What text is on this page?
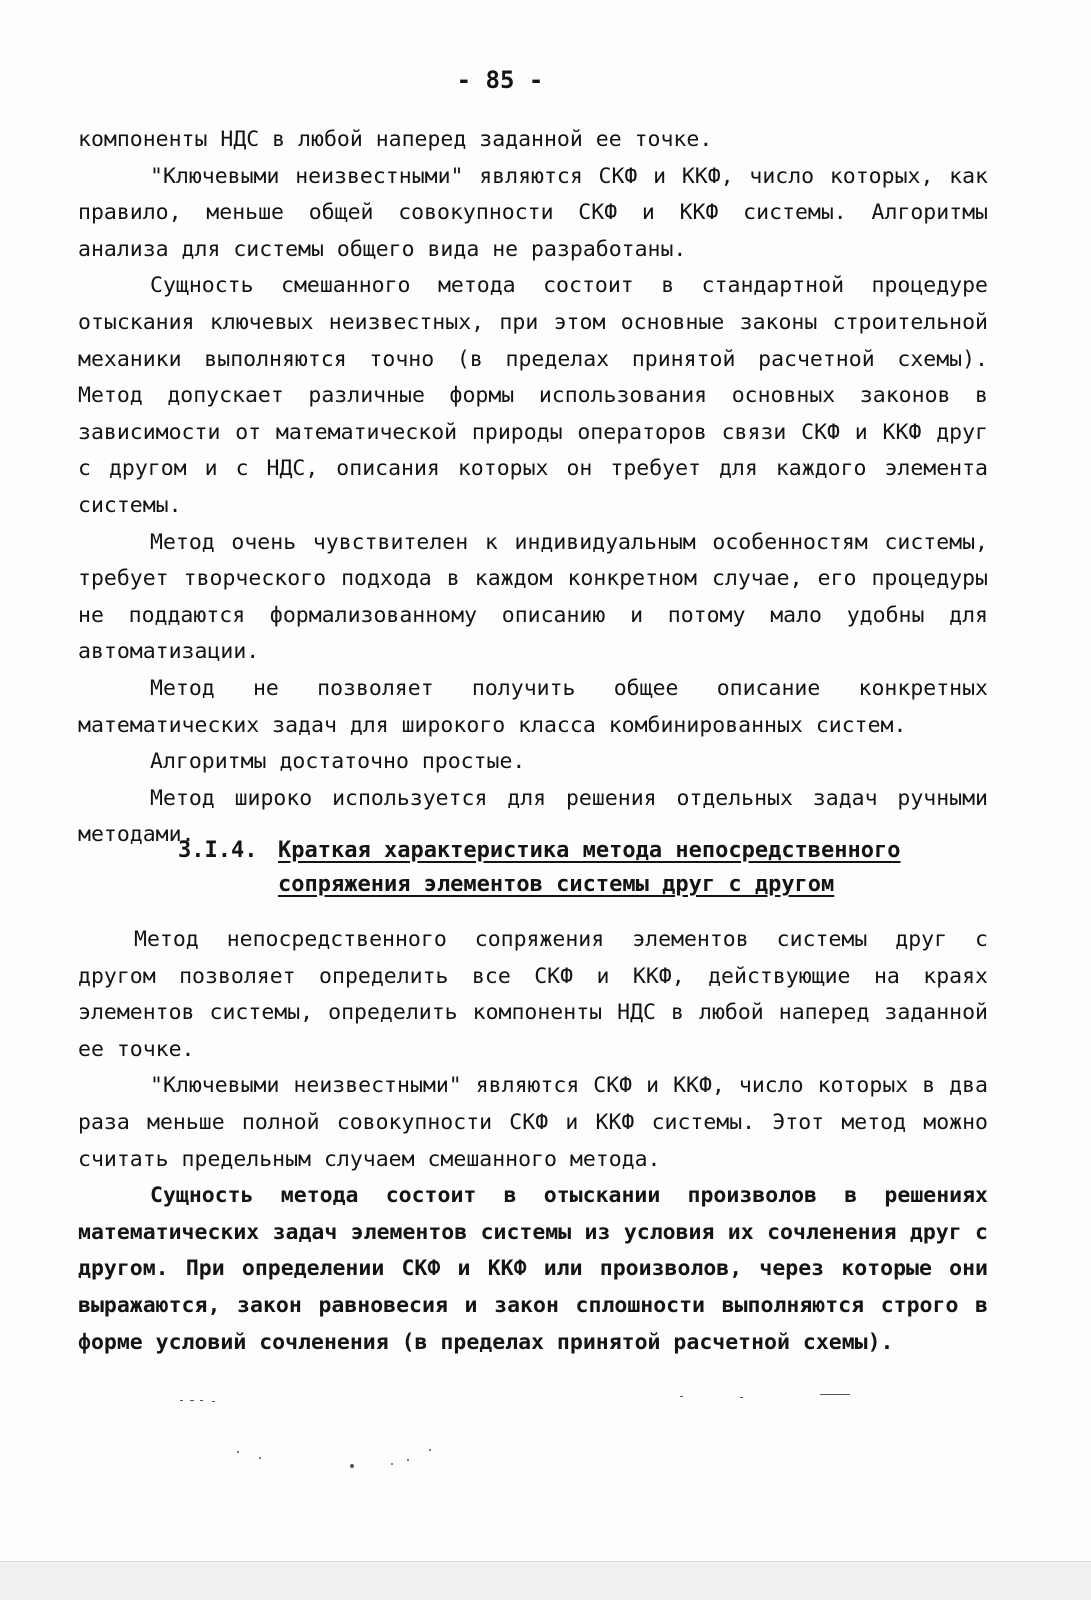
- 85 -

компоненты НДС в любой наперед заданной ее точке.

"Ключевыми неизвестными" являются СКФ и ККФ, число которых, как правило, меньше общей совокупности СКФ и ККФ системы. Алгоритмы анализа для системы общего вида не разработаны.

Сущность смешанного метода состоит в стандартной процедуре отыскания ключевых неизвестных, при этом основные законы строительной механики выполняются точно (в пределах принятой расчетной схемы). Метод допускает различные формы использования основных законов в зависимости от математической природы операторов связи СКФ и ККФ друг с другом и с НДС, описания которых он требует для каждого элемента системы.

Метод очень чувствителен к индивидуальным особенностям системы, требует творческого подхода в каждом конкретном случае, его процедуры не поддаются формализованному описанию и потому мало удобны для автоматизации.

Метод не позволяет получить общее описание конкретных математических задач для широкого класса комбинированных систем.

Алгоритмы достаточно простые.

Метод широко используется для решения отдельных задач ручными методами.

3.I.4. Краткая характеристика метода непосредственного сопряжения элементов системы друг с другом

Метод непосредственного сопряжения элементов системы друг с другом позволяет определить все СКФ и ККФ, действующие на краях элементов системы, определить компоненты НДС в любой наперед заданной ее точке.

"Ключевыми неизвестными" являются СКФ и ККФ, число которых в два раза меньше полной совокупности СКФ и ККФ системы. Этот метод можно считать предельным случаем смешанного метода.

Сущность метода состоит в отыскании произволов в решениях математических задач элементов системы из условия их сочленения друг с другом. При определении СКФ и ККФ или произволов, через которые они выражаются, закон равновесия и закон сплошности выполняются строго в форме условий сочленения (в пределах принятой расчетной схемы).
